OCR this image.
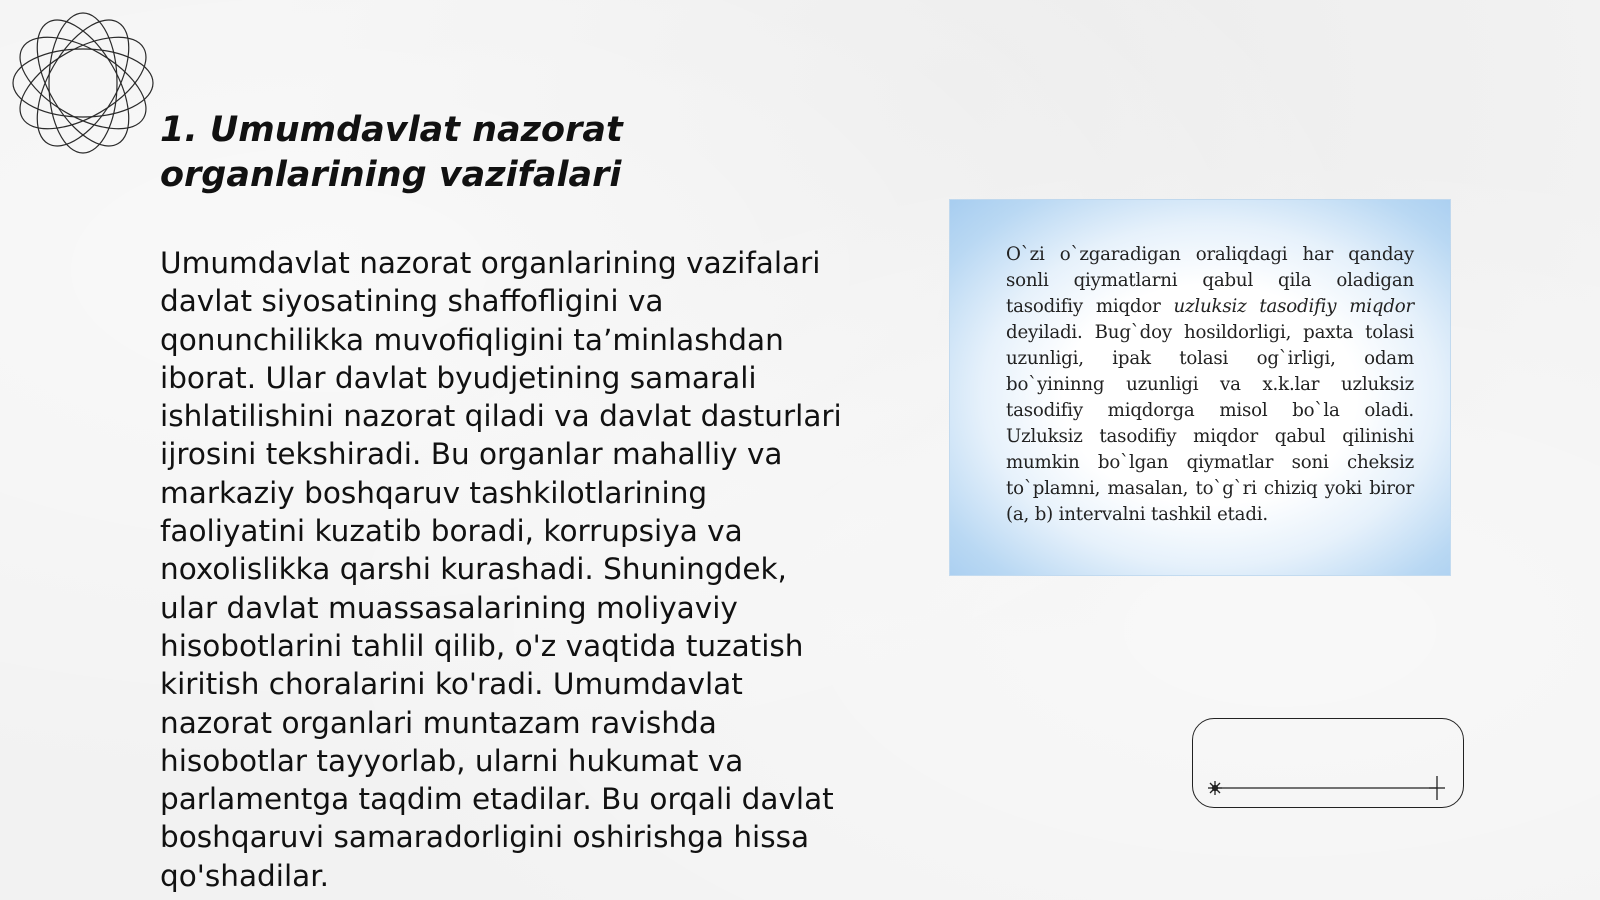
1. Umumdavlat nazorat organlarining vazifalari

Umumdavlat nazorat organlarining vazifalari davlat siyosatining shaffofligini va qonunchilikka muvofiqligini ta’minlashdan iborat. Ular davlat byudjetining samarali ishlatilishini nazorat qiladi va davlat dasturlari ijrosini tekshiradi. Bu organlar mahalliy va markaziy boshqaruv tashkilotlarining faoliyatini kuzatib boradi, korrupsiya va noxolislikka qarshi kurashadi. Shuningdek, ular davlat muassasalarining moliyaviy hisobotlarini tahlil qilib, o'z vaqtida tuzatish kiritish choralarini ko'radi. Umumdavlat nazorat organlari muntazam ravishda hisobotlar tayyorlab, ularni hukumat va parlamentga taqdim etadilar. Bu orqali davlat boshqaruvi samaradorligini oshirishga hissa qo'shadilar.

O`zi o`zgaradigan oraliqdagi har qanday sonli qiymatlarni qabul qila oladigan tasodifiy miqdor uzluksiz tasodifiy miqdor deyiladi. Bug`doy hosildorligi, paxta tolasi uzunligi, ipak tolasi og`irligi, odam bo`yininng uzunligi va x.k.lar uzluksiz tasodifiy miqdorga misol bo`la oladi. Uzluksiz tasodifiy miqdor qabul qilinishi mumkin bo`lgan qiymatlar soni cheksiz to`plamni, masalan, to`g`ri chiziq yoki biror (a, b) intervalni tashkil etadi.
